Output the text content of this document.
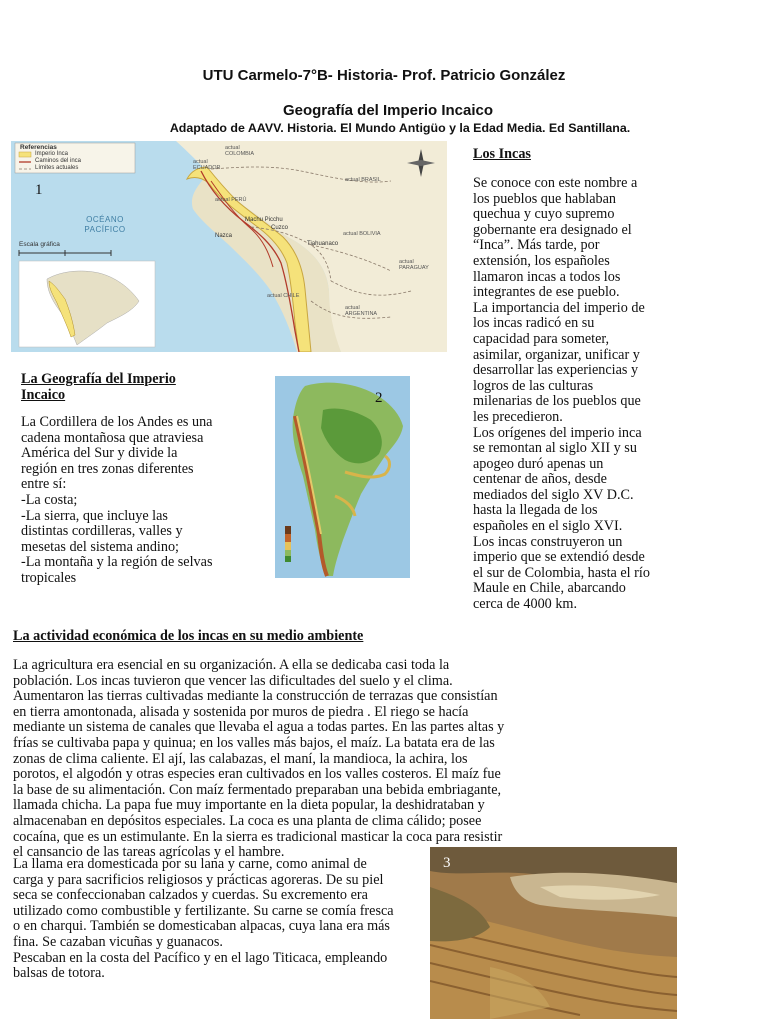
UTU Carmelo-7°B- Historia- Prof. Patricio González
Geografía del Imperio Incaico
Adaptado de AAVV. Historia. El Mundo Antigüo y la Edad Media. Ed Santillana.
Referencias
Imperio Inca
Caminos del inca
Límites actuales
OCÉANO PACÍFICO
Escala gráfica
actual COLOMBIA
actual ECUADOR
actual BRASIL
actual PERÚ
actual BOLIVIA
actual PARAGUAY
actual CHILE
actual ARGENTINA
Machu Picchu
Cuzco
Nazca
Tiahuanaco
1
Los Incas
Se conoce con este nombre a
los pueblos que hablaban
quechua y cuyo supremo
gobernante era designado el
“Inca”. Más tarde, por
extensión, los españoles
llamaron incas a todos los
integrantes de ese pueblo.
La importancia del imperio de
los incas radicó en su
capacidad para someter,
asimilar, organizar, unificar y
desarrollar las experiencias y
logros de las culturas
milenarias de los pueblos que
les precedieron.
Los orígenes del imperio inca
se remontan al siglo XII y su
apogeo duró apenas un
centenar de años, desde
mediados del siglo XV D.C.
hasta la llegada de los
españoles en el siglo XVI.
Los incas construyeron un
imperio que se extendió desde
el sur de Colombia, hasta el río
Maule en Chile, abarcando
cerca de 4000 km.
La Geografía del Imperio
Incaico
La Cordillera de los Andes es una
cadena montañosa que atraviesa
América del Sur y divide la
región en tres zonas diferentes
entre sí:
-La costa;
-La sierra, que incluye las
distintas cordilleras, valles y
mesetas del sistema andino;
-La montaña y la región de selvas
tropicales
2
La actividad económica de los incas en su medio ambiente
La agricultura era esencial en su organización. A ella se dedicaba casi toda la
población. Los incas tuvieron que vencer las dificultades del suelo y el clima.
Aumentaron las tierras cultivadas mediante la construcción de terrazas que consistían
en tierra amontonada, alisada y sostenida por muros de piedra . El riego se hacía
mediante un sistema de canales que llevaba el agua a todas partes. En las partes altas y
frías se cultivaba papa y quinua; en los valles más bajos, el maíz. La batata era de las
zonas de clima caliente. El ají, las calabazas, el maní, la mandioca, la achira, los
porotos, el algodón y otras especies eran cultivados en los valles costeros. El maíz fue
la base de su alimentación. Con maíz fermentado preparaban una bebida embriagante,
llamada chicha. La papa fue muy importante en la dieta popular, la deshidrataban y
almacenaban en depósitos especiales. La coca es una planta de clima cálido; posee
cocaína, que es un estimulante. En la sierra es tradicional masticar la coca para resistir
el cansancio de las tareas agrícolas y el hambre.
La llama era domesticada por su lana y carne, como animal de
carga y para sacrificios religiosos y prácticas agoreras. De su piel
seca se confeccionaban calzados y cuerdas. Su excremento era
utilizado como combustible y fertilizante. Su carne se comía fresca
o en charqui. También se domesticaban alpacas, cuya lana era más
fina. Se cazaban vicuñas y guanacos.
Pescaban en la costa del Pacífico y en el lago Titicaca, empleando
balsas de totora.
3
